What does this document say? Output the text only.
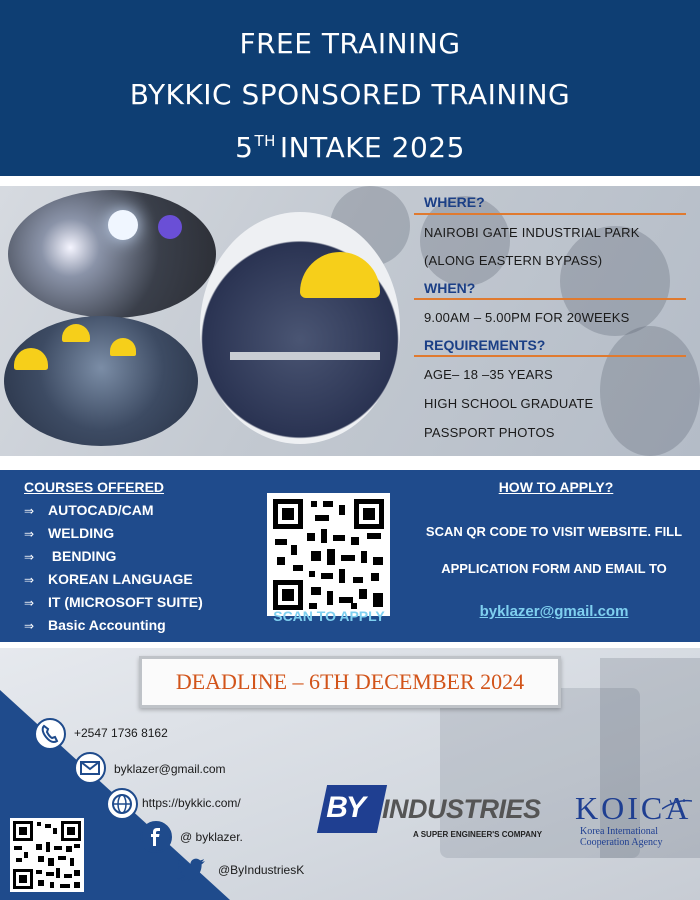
FREE TRAINING
BYKKIC SPONSORED TRAINING
5TH INTAKE 2025
WHERE?
NAIROBI GATE INDUSTRIAL PARK
(ALONG EASTERN BYPASS)
WHEN?
9.00AM – 5.00PM FOR 20WEEKS
REQUIREMENTS?
AGE– 18 –35 YEARS
HIGH SCHOOL GRADUATE
PASSPORT PHOTOS
COURSES OFFERED
⇒ AUTOCAD/CAM
⇒ WELDING
⇒ BENDING
⇒ KOREAN LANGUAGE
⇒ IT (MICROSOFT SUITE)
⇒ Basic Accounting
SCAN TO APPLY
HOW TO APPLY?
SCAN QR CODE TO VISIT WEBSITE. FILL
APPLICATION FORM AND EMAIL TO
byklazer@gmail.com
DEADLINE – 6TH DECEMBER 2024
+2547 1736 8162
byklazer@gmail.com
https://bykkic.com/
@ byklazer.
@ByIndustriesK
BY INDUSTRIES
A SUPER ENGINEER'S COMPANY
KOICA
Korea International
Cooperation Agency
